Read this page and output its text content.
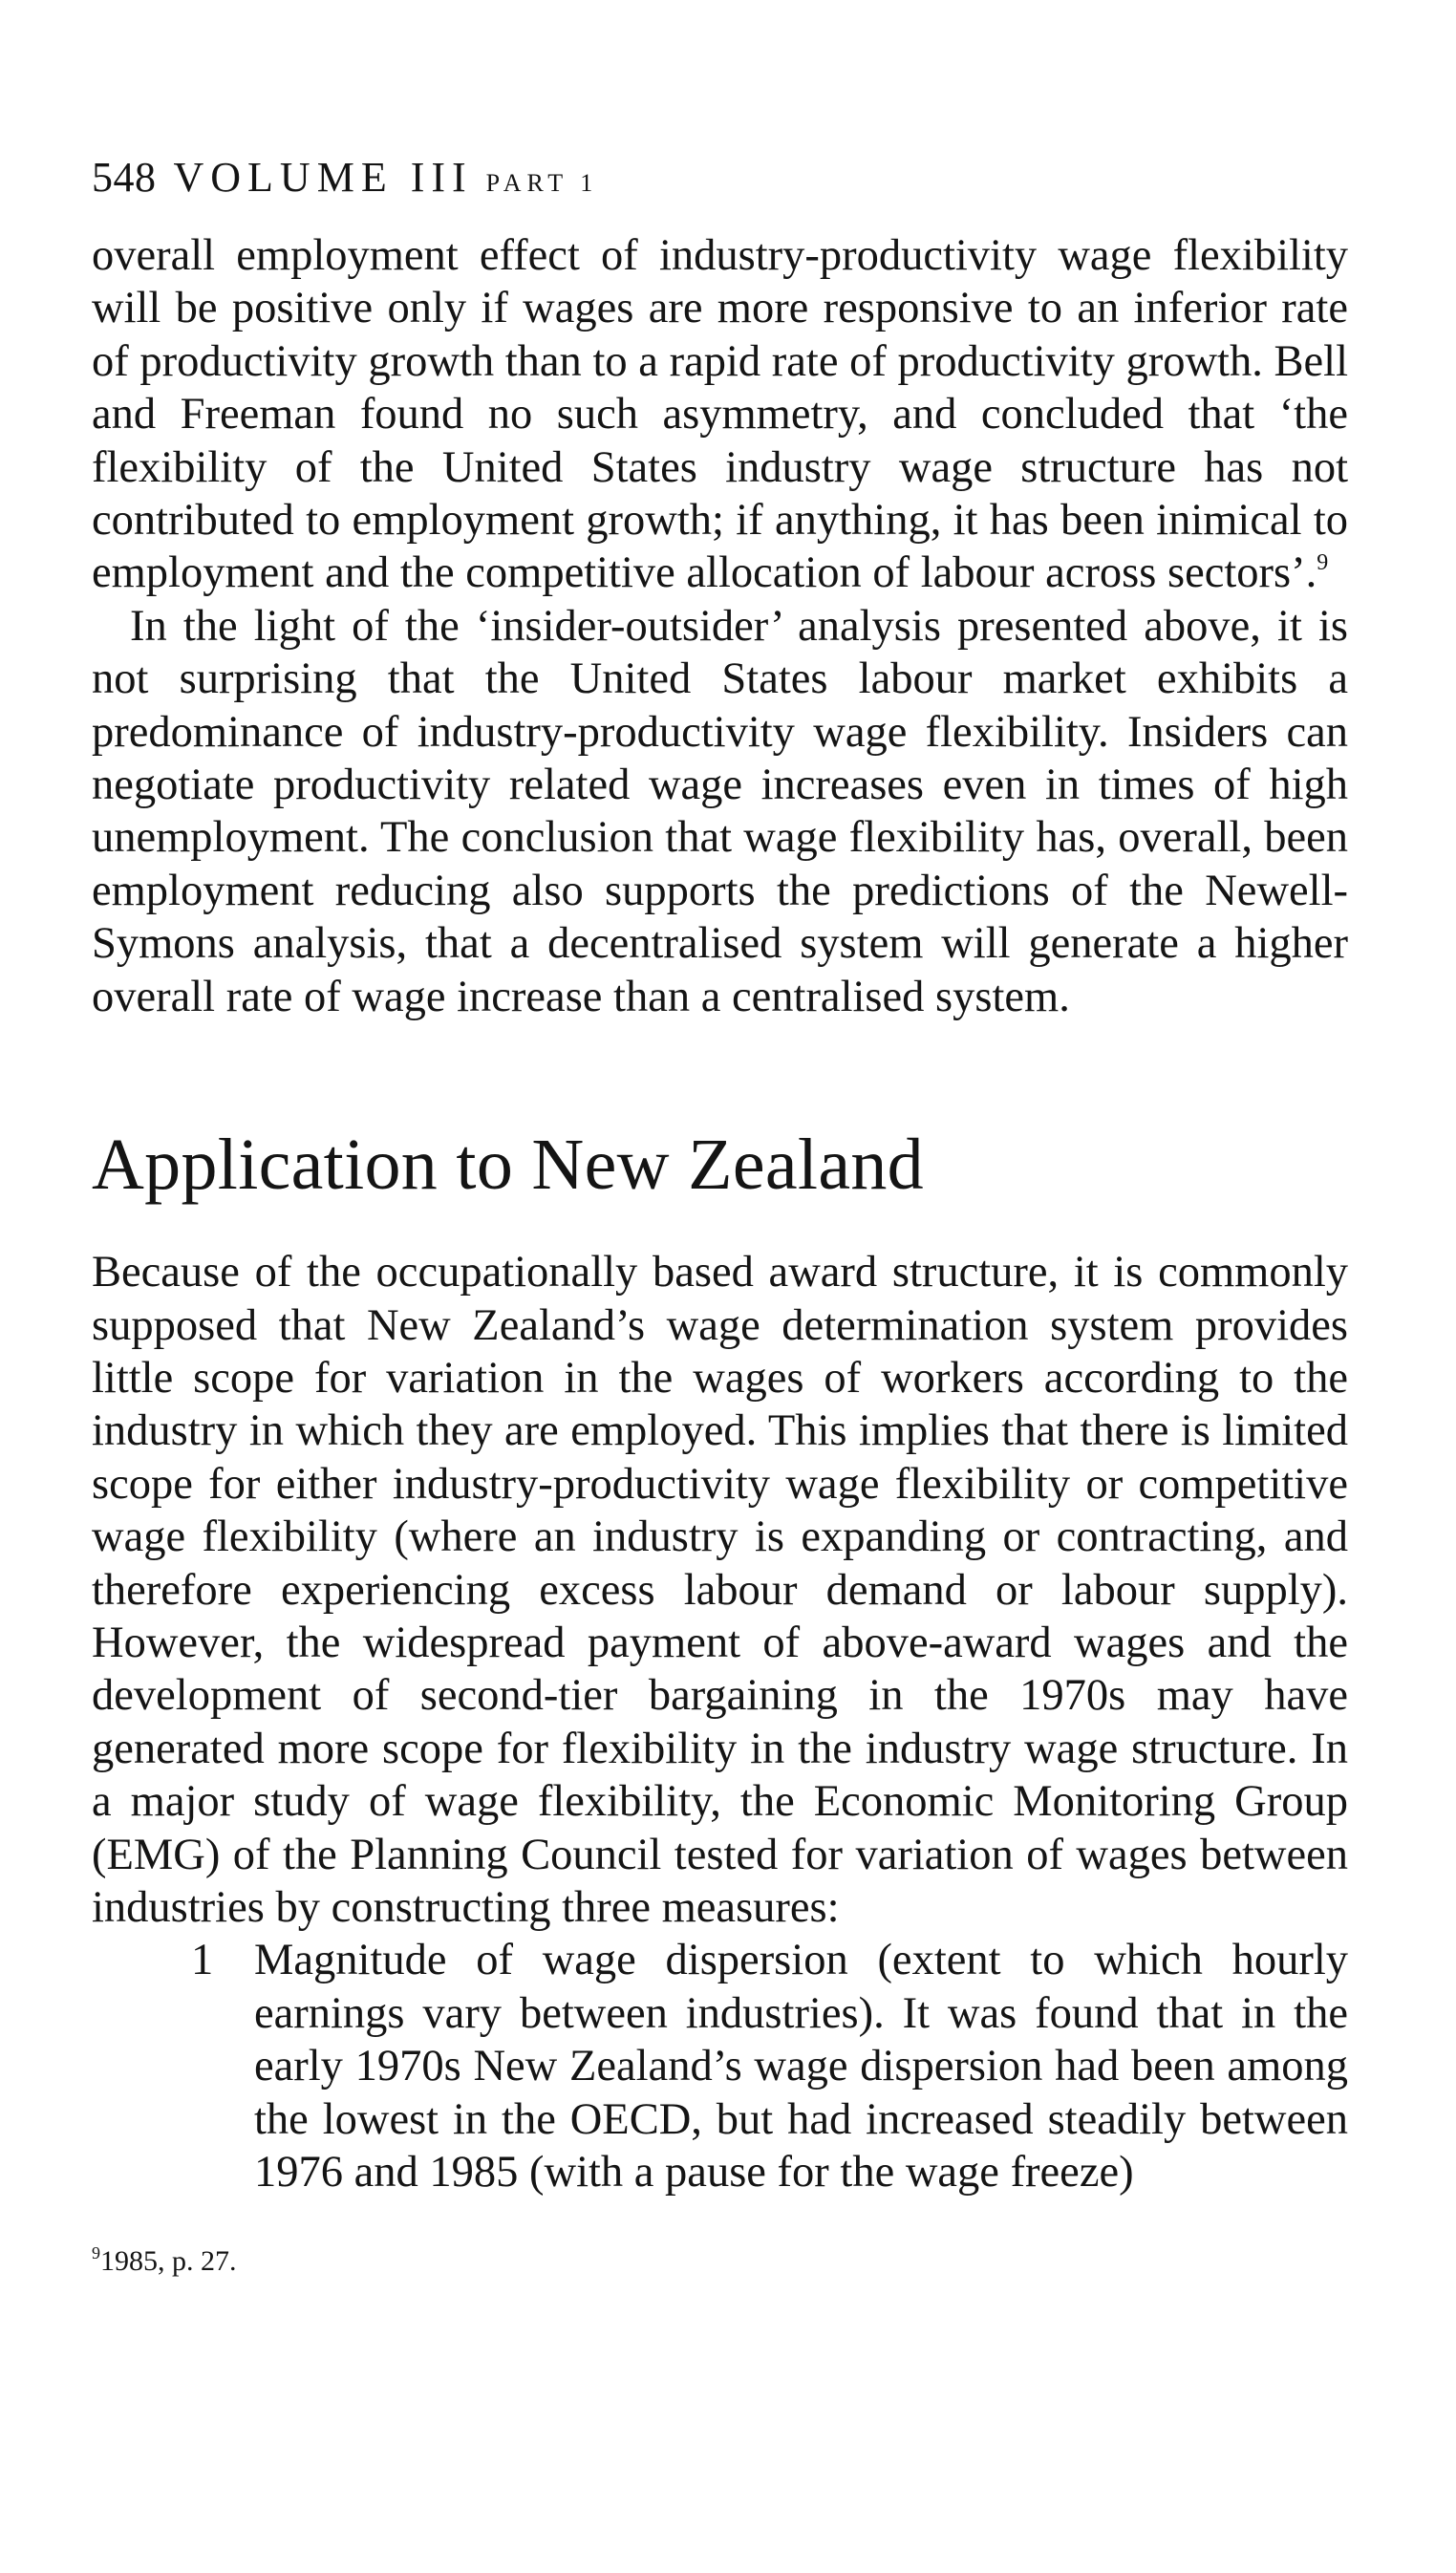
548 VOLUME III PART 1

overall employment effect of industry-productivity wage flexibility will be positive only if wages are more responsive to an inferior rate of productivity growth than to a rapid rate of productivity growth. Bell and Freeman found no such asymmetry, and concluded that ‘the flexibility of the United States industry wage structure has not contributed to employment growth; if anything, it has been inimical to employment and the competitive allocation of labour across sectors’.$^9$

In the light of the ‘insider-outsider’ analysis presented above, it is not surprising that the United States labour market exhibits a predominance of industry-productivity wage flexibility. Insiders can negotiate productivity related wage increases even in times of high unemployment. The conclusion that wage flexibility has, overall, been employment reducing also supports the predictions of the Newell-Symons analysis, that a decentralised system will generate a higher overall rate of wage increase than a centralised system.

Application to New Zealand

Because of the occupationally based award structure, it is commonly supposed that New Zealand’s wage determination system provides little scope for variation in the wages of workers according to the industry in which they are employed. This implies that there is limited scope for either industry-productivity wage flexibility or competitive wage flexibility (where an industry is expanding or contracting, and therefore experiencing excess labour demand or labour supply). However, the widespread payment of above-award wages and the development of second-tier bargaining in the 1970s may have generated more scope for flexibility in the industry wage structure. In a major study of wage flexibility, the Economic Monitoring Group (EMG) of the Planning Council tested for variation of wages between industries by constructing three measures:

1 Magnitude of wage dispersion (extent to which hourly earnings vary between industries). It was found that in the early 1970s New Zealand’s wage dispersion had been among the lowest in the OECD, but had increased steadily between 1976 and 1985 (with a pause for the wage freeze)

$^9$1985, p. 27.
